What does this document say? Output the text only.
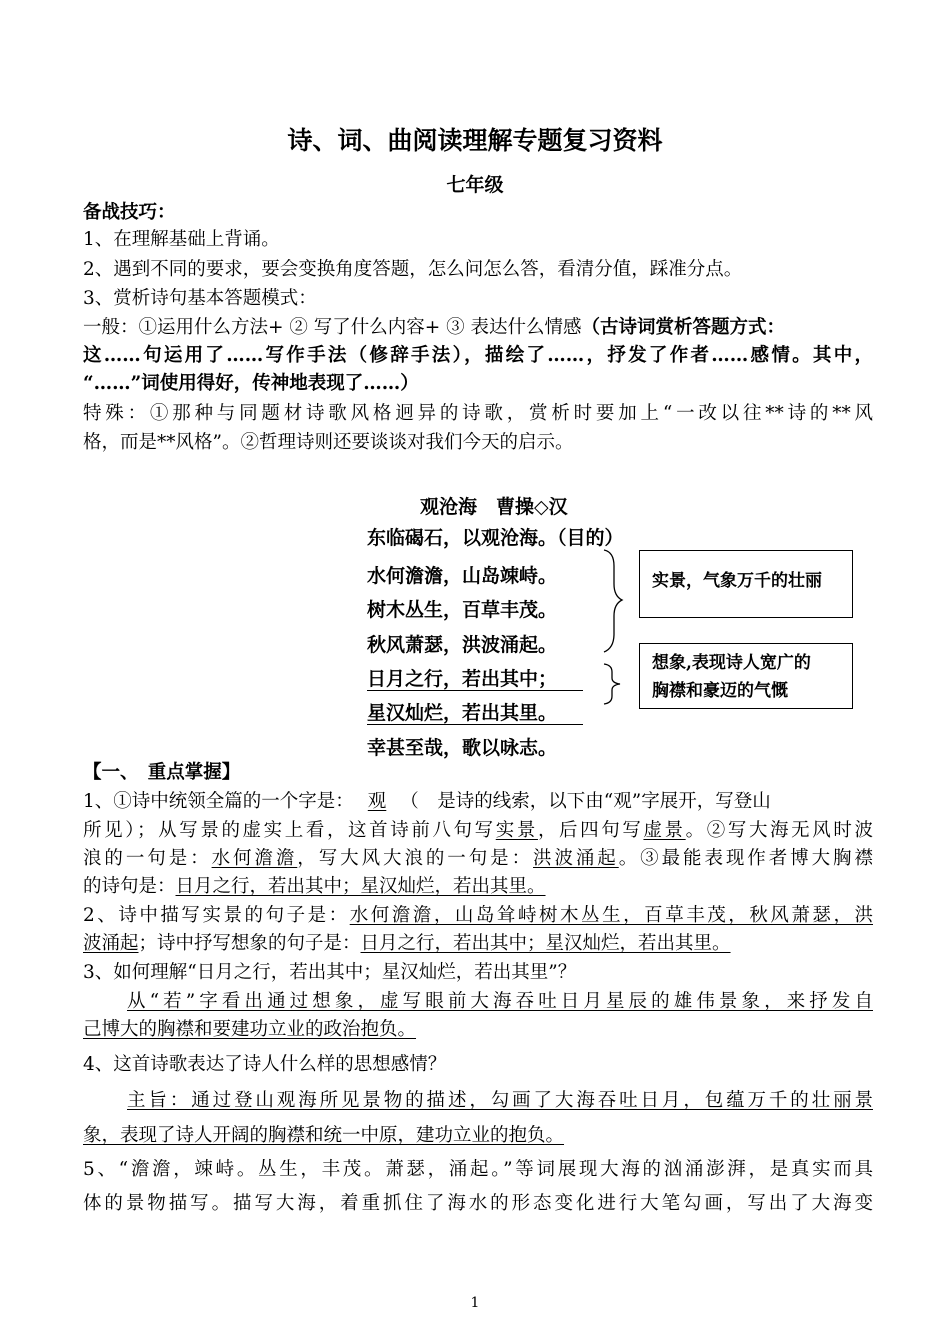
诗、词、曲阅读理解专题复习资料
七年级
备战技巧：
1、在理解基础上背诵。
2、遇到不同的要求，要会变换角度答题，怎么问怎么答，看清分值，踩准分点。
3、赏析诗句基本答题模式：
一般：①运用什么方法+ ② 写了什么内容+ ③ 表达什么情感（古诗词赏析答题方式：
这……句运用了……写作手法（修辞手法），描绘了……，抒发了作者……感情。其中，
“……”词使用得好，传神地表现了……）
特殊：①那种与同题材诗歌风格迥异的诗歌，赏析时要加上“一改以往**诗的**风
格，而是**风格”。②哲理诗则还要谈谈对我们今天的启示。
观沧海　曹操◇汉
东临碣石，以观沧海。（目的）
水何澹澹，山岛竦峙。
树木丛生，百草丰茂。
秋风萧瑟，洪波涌起。
日月之行，若出其中；
星汉灿烂，若出其里。
幸甚至哉，歌以咏志。
实景，气象万千的壮丽
想象,表现诗人宽广的
胸襟和豪迈的气慨
【一、　重点掌握】
1、①诗中统领全篇的一个字是： 观 （　是诗的线索，以下由“观”字展开，写登山
所见）；从写景的虚实上看，这首诗前八句写实景，后四句写虚景。②写大海无风时波
浪的一句是：水何澹澹，写大风大浪的一句是：洪波涌起。③最能表现作者博大胸襟
的诗句是：日月之行，若出其中；星汉灿烂，若出其里。
2、诗中描写实景的句子是：水何澹澹，山岛耸峙树木丛生，百草丰茂，秋风萧瑟，洪
波涌起；诗中抒写想象的句子是：日月之行，若出其中；星汉灿烂，若出其里。
3、如何理解“日月之行，若出其中；星汉灿烂，若出其里”？
从“若”字看出通过想象，虚写眼前大海吞吐日月星辰的雄伟景象，来抒发自
己博大的胸襟和要建功立业的政治抱负。
4、这首诗歌表达了诗人什么样的思想感情？
主旨：通过登山观海所见景物的描述，勾画了大海吞吐日月，包蕴万千的壮丽景
象，表现了诗人开阔的胸襟和统一中原，建功立业的抱负。
5、“澹澹，竦峙。丛生，丰茂。萧瑟，涌起。”等词展现大海的汹涌澎湃，是真实而具
体的景物描写。描写大海，着重抓住了海水的形态变化进行大笔勾画，写出了大海变
1
